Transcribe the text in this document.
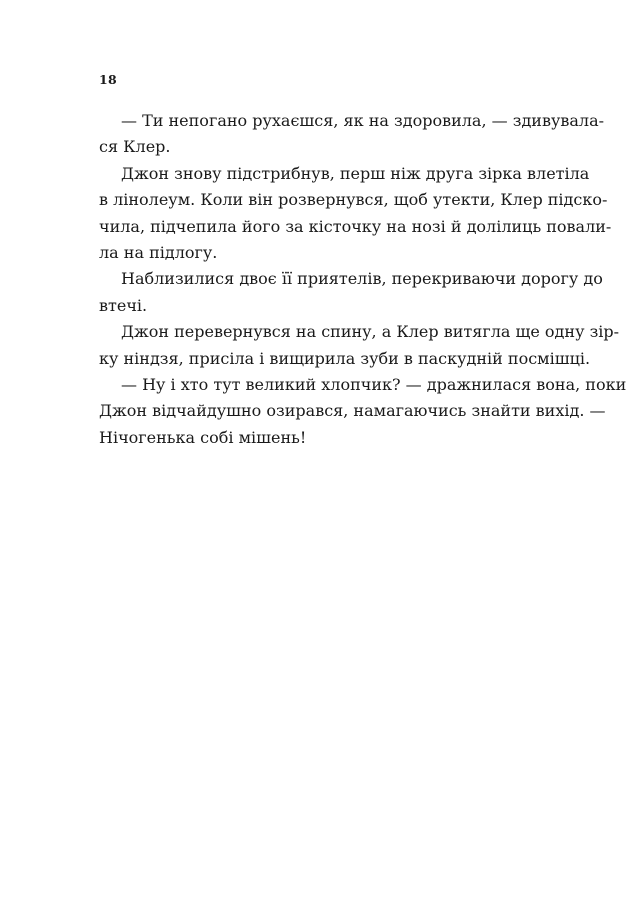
18
— Ти непогано рухаєшся, як на здоровила, — здивувала-
ся Клер.
Джон знову підстрибнув, перш ніж друга зірка влетіла
в лінолеум. Коли він розвернувся, щоб утекти, Клер підско-
чила, підчепила його за кісточку на нозі й долілиць повали-
ла на підлогу.
Наблизилися двоє її приятелів, перекриваючи дорогу до
втечі.
Джон перевернувся на спину, а Клер витягла ще одну зір-
ку ніндзя, присіла і вищирила зуби в паскудній посмішці.
— Ну і хто тут великий хлопчик? — дражнилася вона, поки
Джон відчайдушно озирався, намагаючись знайти вихід. —
Нічогенька собі мішень!
